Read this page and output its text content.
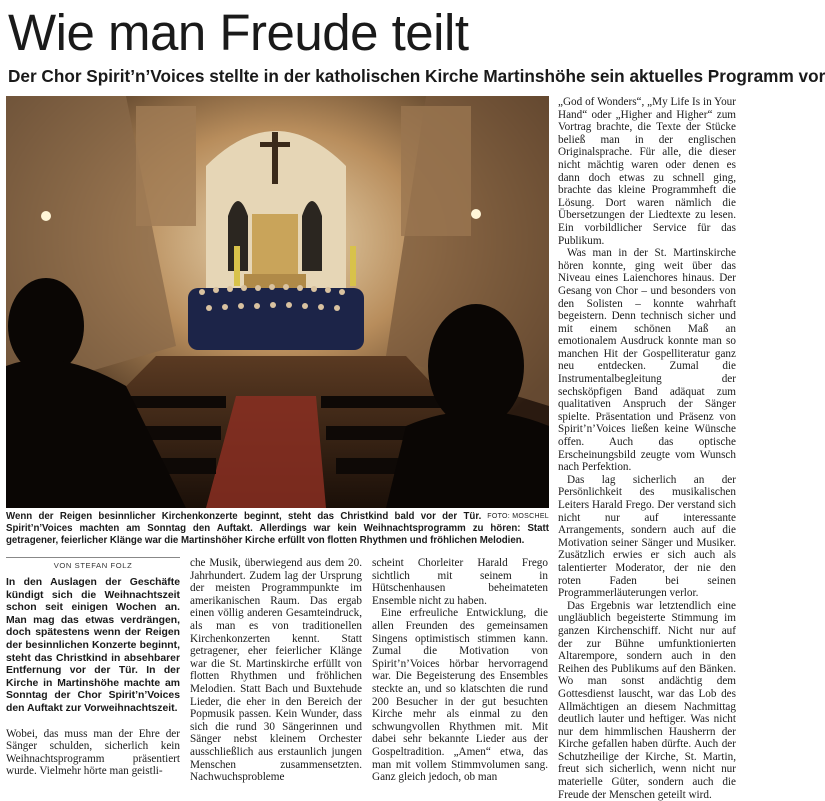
Wie man Freude teilt
Der Chor Spirit’n’Voices stellte in der katholischen Kirche Martinshöhe sein aktuelles Programm vor
FOTO: MOSCHEL
Wenn der Reigen besinnlicher Kirchenkonzerte beginnt, steht das Christkind bald vor der Tür. Spirit’n’Voices machten am Sonntag den Auftakt. Allerdings war kein Weihnachtsprogramm zu hören: Statt getragener, feierlicher Klänge war die Martinshöher Kirche erfüllt von flotten Rhythmen und fröhlichen Melodien.
VON STEFAN FOLZ

In den Auslagen der Geschäfte kündigt sich die Weihnachtszeit schon seit einigen Wochen an. Man mag das etwas verdrängen, doch spätestens wenn der Reigen der besinnlichen Konzerte beginnt, steht das Christkind in absehbarer Entfernung vor der Tür. In der Kirche in Martinshöhe machte am Sonntag der Chor Spirit’n’Voices den Auftakt zur Vorweihnachtszeit.

Wobei, das muss man der Ehre der Sänger schulden, sicherlich kein Weihnachtsprogramm präsentiert wurde. Vielmehr hörte man geistli-

che Musik, überwiegend aus dem 20. Jahrhundert. Zudem lag der Ursprung der meisten Programmpunkte im amerikanischen Raum. Das ergab einen völlig anderen Gesamteindruck, als man es von traditionellen Kirchenkonzerten kennt. Statt getragener, eher feierlicher Klänge war die St. Martinskirche erfüllt von flotten Rhythmen und fröhlichen Melodien. Statt Bach und Buxtehude Lieder, die eher in den Bereich der Popmusik passen. Kein Wunder, dass sich die rund 30 Sängerinnen und Sänger nebst kleinem Orchester ausschließlich aus erstaunlich jungen Menschen zusammensetzten. Nachwuchsprobleme

scheint Chorleiter Harald Frego sichtlich mit seinem in Hütschenhausen beheimateten Ensemble nicht zu haben.

Eine erfreuliche Entwicklung, die allen Freunden des gemeinsamen Singens optimistisch stimmen kann. Zumal die Motivation von Spirit’n’Voices hörbar hervorragend war. Die Begeisterung des Ensembles steckte an, und so klatschten die rund 200 Besucher in der gut besuchten Kirche mehr als einmal zu den schwungvollen Rhythmen mit. Mit dabei sehr bekannte Lieder aus der Gospeltradition. „Amen“ etwa, das man mit vollem Stimmvolumen sang. Ganz gleich jedoch, ob man

„God of Wonders“, „My Life Is in Your Hand“ oder „Higher and Higher“ zum Vortrag brachte, die Texte der Stücke beließ man in der englischen Originalsprache. Für alle, die dieser nicht mächtig waren oder denen es dann doch etwas zu schnell ging, brachte das kleine Programmheft die Lösung. Dort waren nämlich die Übersetzungen der Liedtexte zu lesen. Ein vorbildlicher Service für das Publikum.

Was man in der St. Martinskirche hören konnte, ging weit über das Niveau eines Laienchores hinaus. Der Gesang von Chor – und besonders von den Solisten – konnte wahrhaft begeistern. Denn technisch sicher und mit einem schönen Maß an emotionalem Ausdruck konnte man so manchen Hit der Gospelliteratur ganz neu entdecken. Zumal die Instrumentalbegleitung der sechsköpfigen Band adäquat zum qualitativen Anspruch der Sänger spielte. Präsentation und Präsenz von Spirit’n’Voices ließen keine Wünsche offen. Auch das optische Erscheinungsbild zeugte vom Wunsch nach Perfektion.

Das lag sicherlich an der Persönlichkeit des musikalischen Leiters Harald Frego. Der verstand sich nicht nur auf interessante Arrangements, sondern auch auf die Motivation seiner Sänger und Musiker. Zusätzlich erwies er sich auch als talentierter Moderator, der nie den roten Faden bei seinen Programmerläuterungen verlor.

Das Ergebnis war letztendlich eine ungläublich begeisterte Stimmung im ganzen Kirchenschiff. Nicht nur auf der zur Bühne umfunktionierten Altarempore, sondern auch in den Reihen des Publikums auf den Bänken. Wo man sonst andächtig dem Gottesdienst lauscht, war das Lob des Allmächtigen an diesem Nachmittag deutlich lauter und heftiger. Was nicht nur dem himmlischen Hausherrn der Kirche gefallen haben dürfte. Auch der Schutzheilige der Kirche, St. Martin, freut sich sicherlich, wenn nicht nur materielle Güter, sondern auch die Freude der Menschen geteilt wird.
